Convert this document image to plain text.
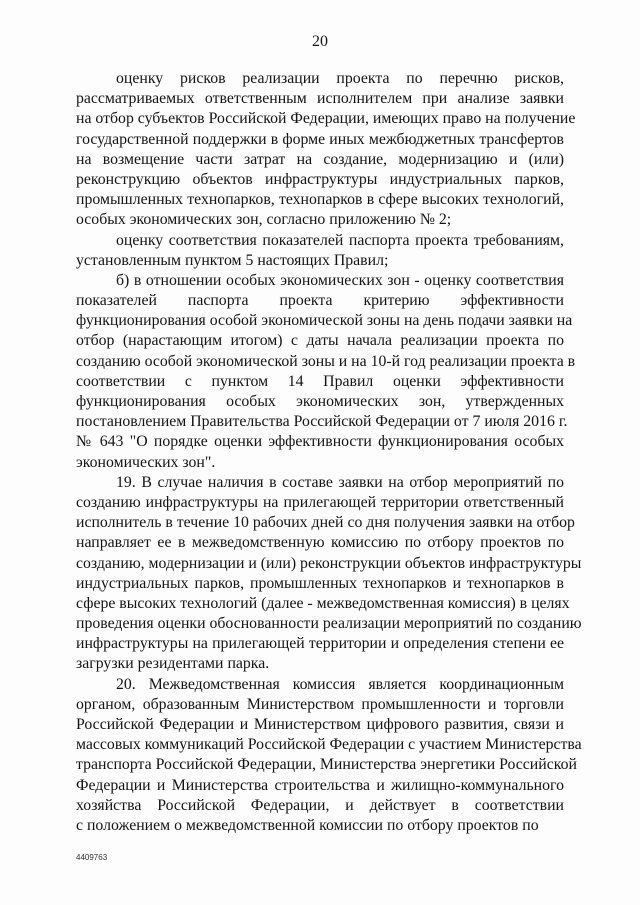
20
оценку рисков реализации проекта по перечню рисков,
рассматриваемых ответственным исполнителем при анализе заявки
на отбор субъектов Российской Федерации, имеющих право на получение
государственной поддержки в форме иных межбюджетных трансфертов
на возмещение части затрат на создание, модернизацию и (или)
реконструкцию объектов инфраструктуры индустриальных парков,
промышленных технопарков, технопарков в сфере высоких технологий,
особых экономических зон, согласно приложению № 2;
оценку соответствия показателей паспорта проекта требованиям,
установленным пунктом 5 настоящих Правил;
б) в отношении особых экономических зон - оценку соответствия
показателей паспорта проекта критерию эффективности
функционирования особой экономической зоны на день подачи заявки на
отбор (нарастающим итогом) с даты начала реализации проекта по
созданию особой экономической зоны и на 10-й год реализации проекта в
соответствии с пунктом 14 Правил оценки эффективности
функционирования особых экономических зон, утвержденных
постановлением Правительства Российской Федерации от 7 июля 2016 г.
№ 643 "О порядке оценки эффективности функционирования особых
экономических зон".
19. В случае наличия в составе заявки на отбор мероприятий по
созданию инфраструктуры на прилегающей территории ответственный
исполнитель в течение 10 рабочих дней со дня получения заявки на отбор
направляет ее в межведомственную комиссию по отбору проектов по
созданию, модернизации и (или) реконструкции объектов инфраструктуры
индустриальных парков, промышленных технопарков и технопарков в
сфере высоких технологий (далее - межведомственная комиссия) в целях
проведения оценки обоснованности реализации мероприятий по созданию
инфраструктуры на прилегающей территории и определения степени ее
загрузки резидентами парка.
20. Межведомственная комиссия является координационным
органом, образованным Министерством промышленности и торговли
Российской Федерации и Министерством цифрового развития, связи и
массовых коммуникаций Российской Федерации с участием Министерства
транспорта Российской Федерации, Министерства энергетики Российской
Федерации и Министерства строительства и жилищно-коммунального
хозяйства Российской Федерации, и действует в соответствии
с положением о межведомственной комиссии по отбору проектов по
4409763
